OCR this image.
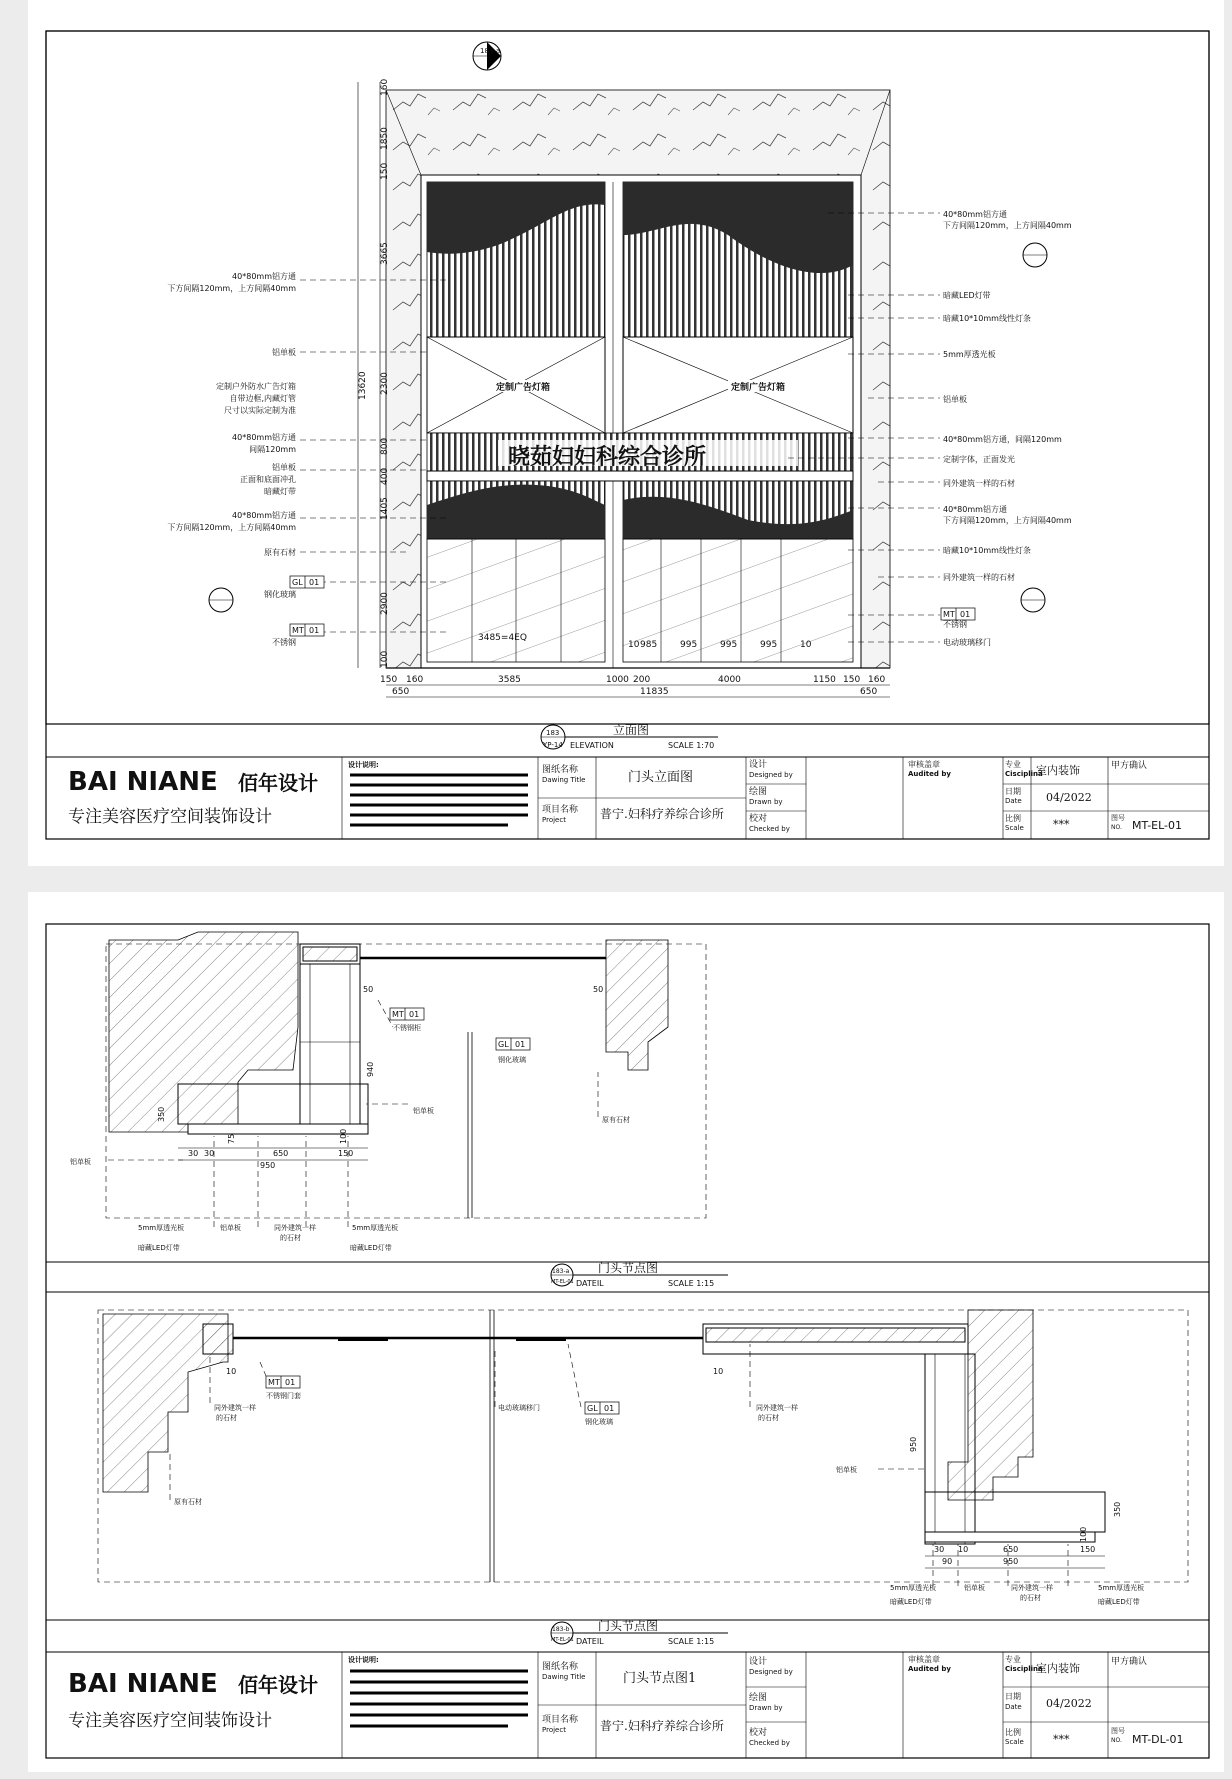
183-a
定制广告灯箱	定制广告灯箱
晓茹妇妇科综合诊所
3485=4EQ
10 985	995	995	995	10
160
1850
150
3665
2300
800
400
1405
2900
100
13620
150 160	3585	1000 200	4000	1150 150 160
650	11835	650
40*80mm铝方通
下方间隔120mm，上方间隔40mm
铝单板
定制户外防水广告灯箱
自带边框,内藏灯管
尺寸以实际定制为准
40*80mm铝方通
间隔120mm
铝单板
正面和底面冲孔
暗藏灯带
40*80mm铝方通
下方间隔120mm，上方间隔40mm
原有石材
钢化玻璃
不锈钢
GL 01
MT 01
40*80mm铝方通
下方间隔120mm，上方间隔40mm
暗藏LED灯带
暗藏10*10mm线性灯条
5mm厚透光板
铝单板
40*80mm铝方通，间隔120mm
定制字体，正面发光
同外建筑一样的石材
40*80mm铝方通
下方间隔120mm，上方间隔40mm
暗藏10*10mm线性灯条
同外建筑一样的石材
不锈钢
电动玻璃移门
MT 01
183
YP-14
立面图
ELEVATION	SCALE 1:70
BAI NIANE 佰年设计
专注美容医疗空间装饰设计
设计说明:	图纸名称
Dawing Title	门头立面图
项目名称
Project	普宁.妇科疗养综合诊所
设计
Designed by
绘图
Drawn by
校对
Checked by
审核盖章
Audited by
专业
Cisciplina
室内装饰
日期
Date 04/2022
比例
Scale	***
甲方确认
图号
NO. MT-EL-01
50	50
940
350
75	100
30 30	650	150
950
MT 01
GL 01
不锈钢柜
钢化玻璃
铝单板
铝单板
原有石材
5mm厚透光板
暗藏LED灯带
铝单板	同外建筑一样
的石材
5mm厚透光板
暗藏LED灯带
183-a
MT-EL-01
门头节点图
DATEIL	SCALE 1:15
10	10
950
350
100
10
30
90
650	150
950
MT 01
GL 01
不锈钢门套
同外建筑一样
的石材
电动玻璃移门
钢化玻璃
同外建筑一样
的石材
原有石材
铝单板
5mm厚透光板
暗藏LED灯带
铝单板	同外建筑一样
的石材
5mm厚透光板
暗藏LED灯带
183-b
MT-EL-01
门头节点图
DATEIL	SCALE 1:15
BAI NIANE 佰年设计
专注美容医疗空间装饰设计
设计说明:
图纸名称
Dawing Title	门头节点图1
项目名称
Project	普宁.妇科疗养综合诊所
设计
Designed by
绘图
Drawn by
校对
Checked by
审核盖章
Audited by
专业
Cisciplina
室内装饰
日期
Date 04/2022
比例
Scale	***
甲方确认
图号
NO. MT-DL-01
